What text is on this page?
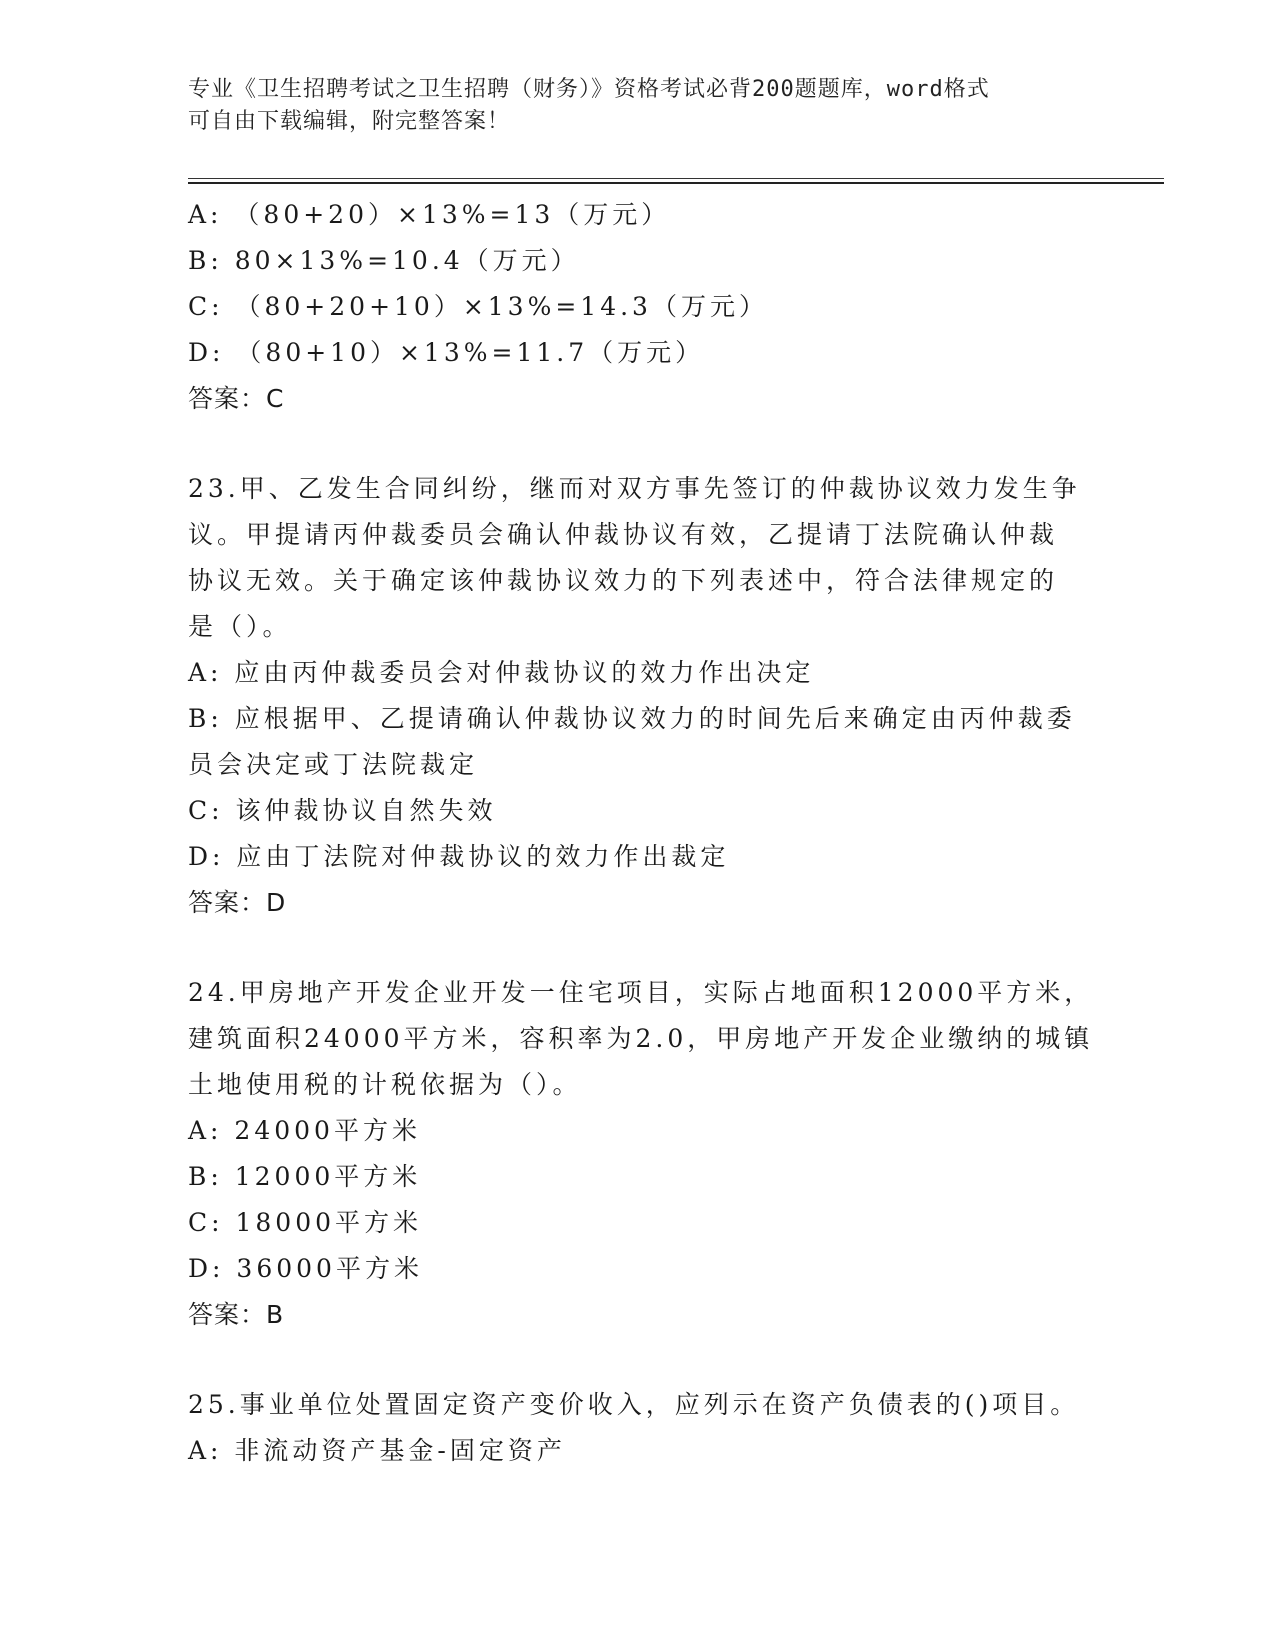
专业《卫生招聘考试之卫生招聘（财务）》资格考试必背200题题库，word格式
可自由下载编辑，附完整答案！
A: （80+20）×13%=13（万元）
B: 80×13%=10.4（万元）
C: （80+20+10）×13%=14.3（万元）
D: （80+10）×13%=11.7（万元）
答案：C
23.甲、乙发生合同纠纷，继而对双方事先签订的仲裁协议效力发生争
议。甲提请丙仲裁委员会确认仲裁协议有效，乙提请丁法院确认仲裁
协议无效。关于确定该仲裁协议效力的下列表述中，符合法律规定的
是（）。
A: 应由丙仲裁委员会对仲裁协议的效力作出决定
B: 应根据甲、乙提请确认仲裁协议效力的时间先后来确定由丙仲裁委
员会决定或丁法院裁定
C: 该仲裁协议自然失效
D: 应由丁法院对仲裁协议的效力作出裁定
答案：D
24.甲房地产开发企业开发一住宅项目，实际占地面积12000平方米，
建筑面积24000平方米，容积率为2.0，甲房地产开发企业缴纳的城镇
土地使用税的计税依据为（）。
A: 24000平方米
B: 12000平方米
C: 18000平方米
D: 36000平方米
答案：B
25.事业单位处置固定资产变价收入，应列示在资产负债表的()项目。
A: 非流动资产基金-固定资产
